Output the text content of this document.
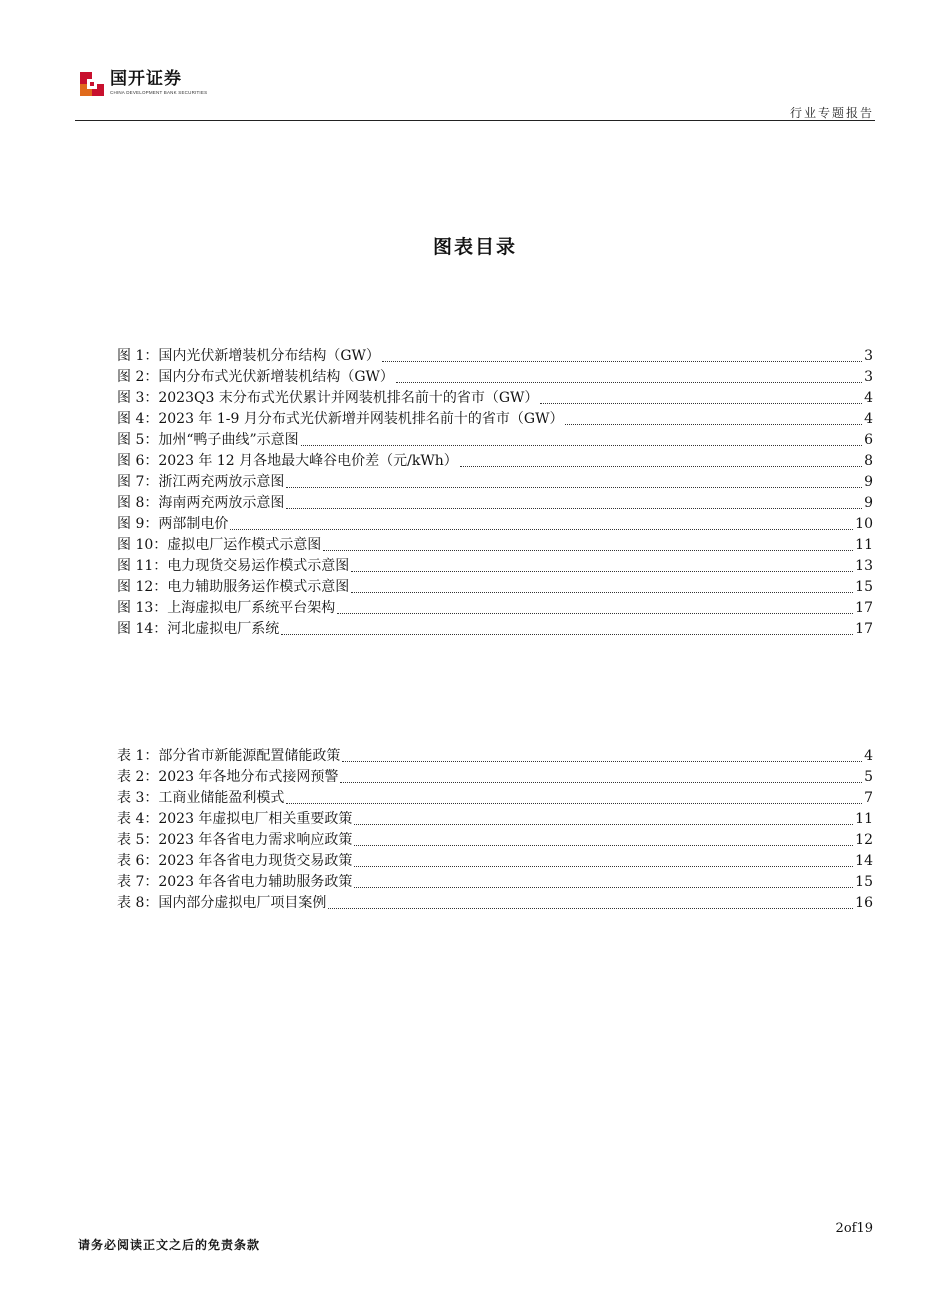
国开证券
CHINA DEVELOPMENT BANK SECURITIES
行业专题报告
图表目录
图 1：国内光伏新增装机分布结构（GW）	3
图 2：国内分布式光伏新增装机结构（GW）	3
图 3：2023Q3 末分布式光伏累计并网装机排名前十的省市（GW）	4
图 4：2023 年 1-9 月分布式光伏新增并网装机排名前十的省市（GW）	4
图 5：加州“鸭子曲线”示意图	6
图 6：2023 年 12 月各地最大峰谷电价差（元/kWh）	8
图 7：浙江两充两放示意图	9
图 8：海南两充两放示意图	9
图 9：两部制电价	10
图 10：虚拟电厂运作模式示意图	11
图 11：电力现货交易运作模式示意图	13
图 12：电力辅助服务运作模式示意图	15
图 13：上海虚拟电厂系统平台架构	17
图 14：河北虚拟电厂系统	17
表 1：部分省市新能源配置储能政策	4
表 2：2023 年各地分布式接网预警	5
表 3：工商业储能盈利模式	7
表 4：2023 年虚拟电厂相关重要政策	11
表 5：2023 年各省电力需求响应政策	12
表 6：2023 年各省电力现货交易政策	14
表 7：2023 年各省电力辅助服务政策	15
表 8：国内部分虚拟电厂项目案例	16
2of19
请务必阅读正文之后的免责条款
